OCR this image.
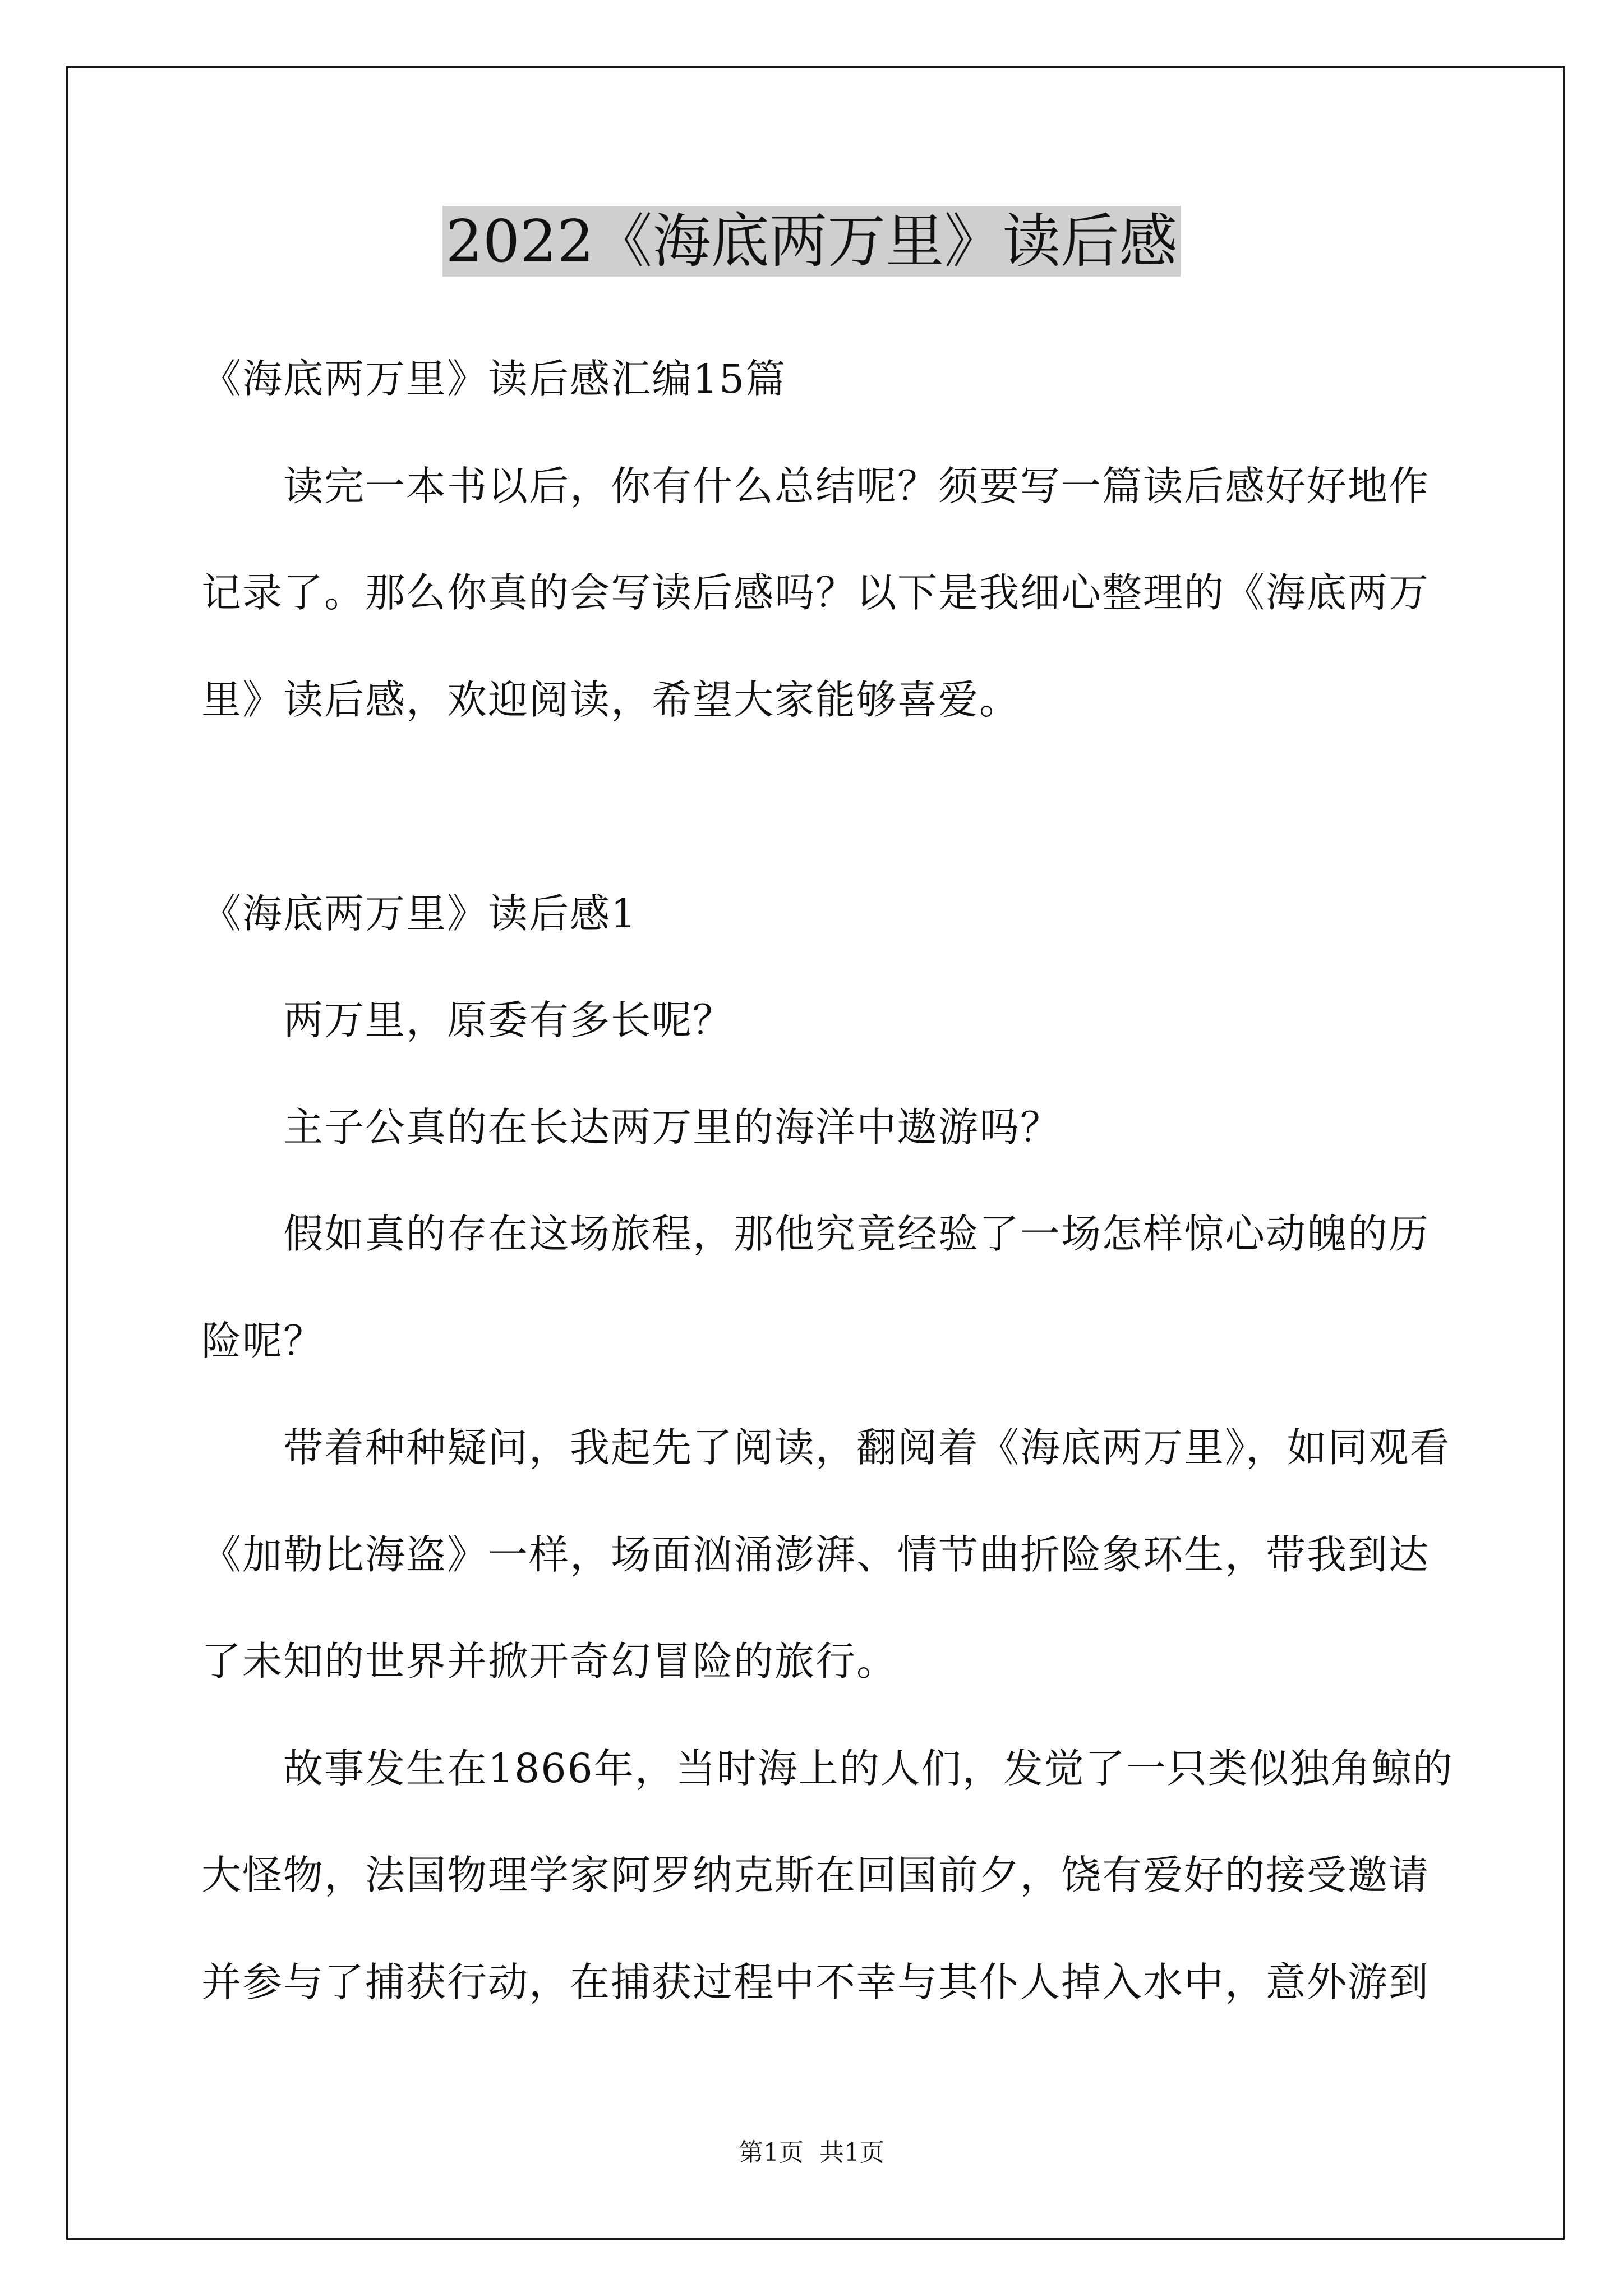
2022《海底两万里》读后感
《海底两万里》读后感汇编15篇
读完一本书以后，你有什么总结呢？须要写一篇读后感好好地作
记录了。那么你真的会写读后感吗？以下是我细心整理的《海底两万
里》读后感，欢迎阅读，希望大家能够喜爱。
《海底两万里》读后感1
两万里，原委有多长呢？
主子公真的在长达两万里的海洋中遨游吗？
假如真的存在这场旅程，那他究竟经验了一场怎样惊心动魄的历
险呢？
带着种种疑问，我起先了阅读，翻阅着《海底两万里》，如同观看
《加勒比海盗》一样，场面汹涌澎湃、情节曲折险象环生，带我到达
了未知的世界并掀开奇幻冒险的旅行。
故事发生在1866年，当时海上的人们，发觉了一只类似独角鲸的
大怪物，法国物理学家阿罗纳克斯在回国前夕，饶有爱好的接受邀请
并参与了捕获行动，在捕获过程中不幸与其仆人掉入水中，意外游到
第1页  共1页
